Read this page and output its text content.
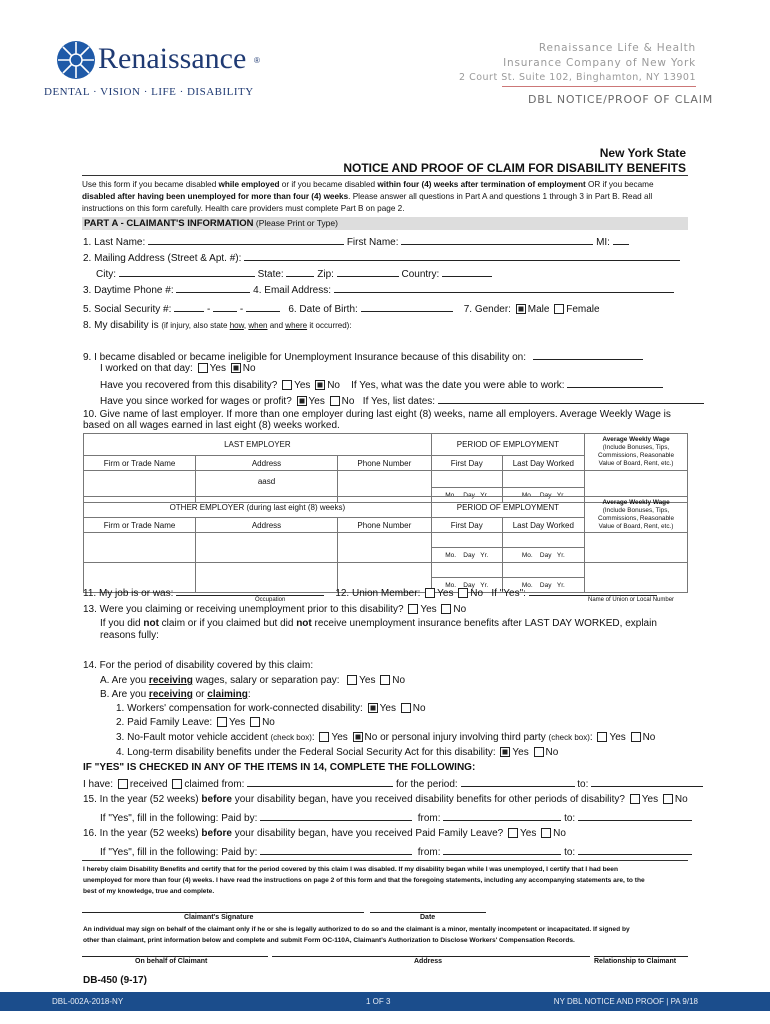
Renaissance ®
DENTAL · VISION · LIFE · DISABILITY
Renaissance Life & Health
Insurance Company of New York
2 Court St. Suite 102, Binghamton, NY 13901
DBL NOTICE/PROOF OF CLAIM
New York State
NOTICE AND PROOF OF CLAIM FOR DISABILITY BENEFITS
Use this form if you became disabled while employed or if you became disabled within four (4) weeks after termination of employment OR if you became
disabled after having been unemployed for more than four (4) weeks. Please answer all questions in Part A and questions 1 through 3 in Part B. Read all
instructions on this form carefully. Health care providers must complete Part B on page 2.
PART A - CLAIMANT'S INFORMATION (Please Print or Type)
1. Last Name:	First Name:	MI:
2. Mailing Address (Street & Apt. #):
City:	State:	Zip:	Country:
3. Daytime Phone #:	4. Email Address:
5. Social Security #:	-	-	6. Date of Birth:	7. Gender: Male Female
8. My disability is (if injury, also state how, when and where it occurred):
9. I became disabled or became ineligible for Unemployment Insurance because of this disability on:
I worked on that day: Yes No
Have you recovered from this disability? Yes No If Yes, what was the date you were able to work:
Have you since worked for wages or profit? Yes No If Yes, list dates:
10. Give name of last employer. If more than one employer during last eight (8) weeks, name all employers. Average Weekly Wage is
based on all wages earned in last eight (8) weeks worked.
LAST EMPLOYER			PERIOD OF EMPLOYMENT		Average Weekly Wage
(Include Bonuses, Tips,
Commissions, Reasonable
Value of Board, Rent, etc.)
Firm or Trade Name	Address	Phone Number	First Day	Last Day Worked	
	aasd				
			Mo. Day Yr.	Mo. Day Yr.	
OTHER EMPLOYER (during last eight (8) weeks)			PERIOD OF EMPLOYMENT		Average Weekly Wage
(Include Bonuses, Tips,
Commissions, Reasonable
Value of Board, Rent, etc.)
Firm or Trade Name	Address	Phone Number	First Day	Last Day Worked	

			Mo. Day Yr.	Mo. Day Yr.	

			Mo. Day Yr.	Mo. Day Yr.	
11. My job is or was:	12. Union Member: Yes No If "Yes":
Occupation	Name of Union or Local Number
13. Were you claiming or receiving unemployment prior to this disability? Yes No
If you did not claim or if you claimed but did not receive unemployment insurance benefits after LAST DAY WORKED, explain
reasons fully:
14. For the period of disability covered by this claim:
A. Are you receiving wages, salary or separation pay: Yes No
B. Are you receiving or claiming:
1. Workers' compensation for work-connected disability: Yes No
2. Paid Family Leave: Yes No
3. No-Fault motor vehicle accident (check box): Yes No or personal injury involving third party (check box): Yes No
4. Long-term disability benefits under the Federal Social Security Act for this disability: Yes No
IF "YES" IS CHECKED IN ANY OF THE ITEMS IN 14, COMPLETE THE FOLLOWING:
I have: received claimed from:	for the period:	to:
15. In the year (52 weeks) before your disability began, have you received disability benefits for other periods of disability? Yes No
If "Yes", fill in the following: Paid by:	from:	to:
16. In the year (52 weeks) before your disability began, have you received Paid Family Leave? Yes No
If "Yes", fill in the following: Paid by:	from:	to:
I hereby claim Disability Benefits and certify that for the period covered by this claim I was disabled. If my disability began while I was unemployed, I certify that I had been
unemployed for more than four (4) weeks. I have read the instructions on page 2 of this form and that the foregoing statements, including any accompanying statements are, to the
best of my knowledge, true and complete.
Claimant's Signature	Date
An individual may sign on behalf of the claimant only if he or she is legally authorized to do so and the claimant is a minor, mentally incompetent or incapacitated. If signed by
other than claimant, print information below and complete and submit Form OC-110A, Claimant's Authorization to Disclose Workers' Compensation Records.
On behalf of Claimant	Address	Relationship to Claimant
DB-450 (9-17)
DBL-002A-2018-NY	1 OF 3	NY DBL NOTICE AND PROOF | PA 9/18
